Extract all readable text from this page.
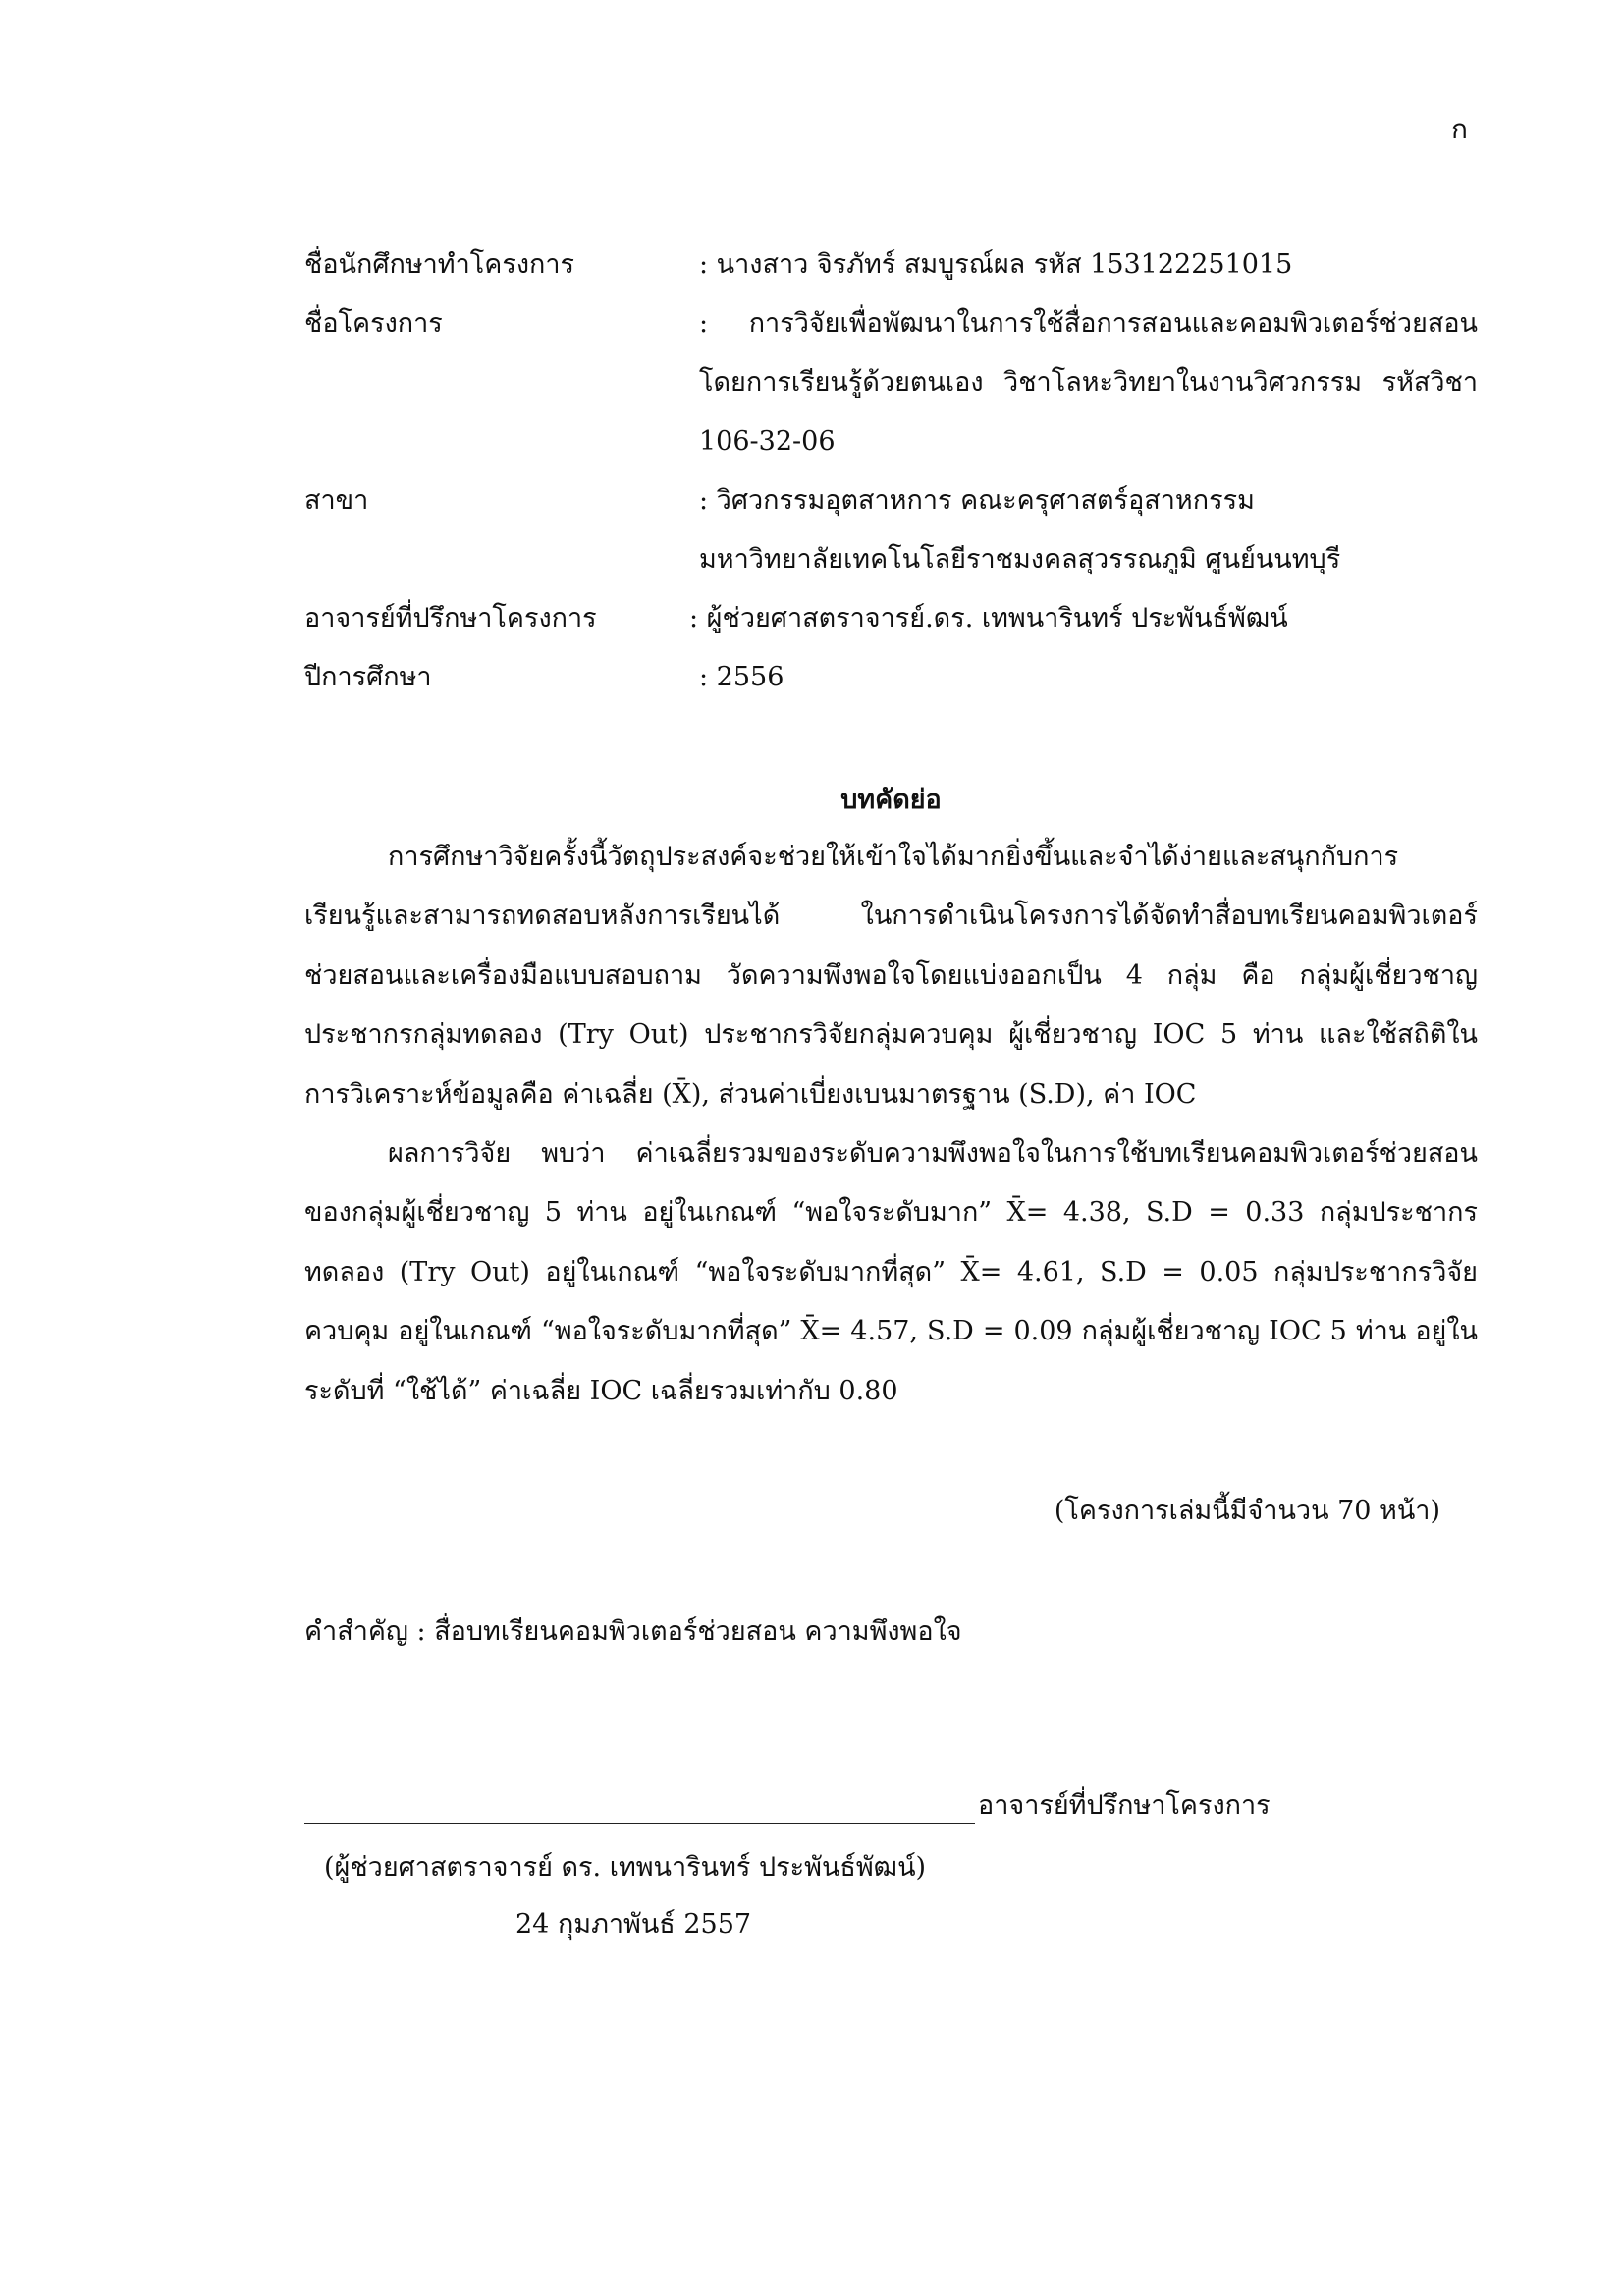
ก
ชื่อนักศึกษาทำโครงการ	: นางสาว จิรภัทร์ สมบูรณ์ผล รหัส 153122251015
ชื่อโครงการ	: การวิจัยเพื่อพัฒนาในการใช้สื่อการสอนและคอมพิวเตอร์ช่วยสอน
โดยการเรียนรู้ด้วยตนเอง วิชาโลหะวิทยาในงานวิศวกรรม รหัสวิชา
106-32-06
สาขา	: วิศวกรรมอุตสาหการ คณะครุศาสตร์อุสาหกรรม
มหาวิทยาลัยเทคโนโลยีราชมงคลสุวรรณภูมิ ศูนย์นนทบุรี
อาจารย์ที่ปรึกษาโครงการ	: ผู้ช่วยศาสตราจารย์.ดร. เทพนารินทร์ ประพันธ์พัฒน์
ปีการศึกษา	: 2556
บทคัดย่อ
การศึกษาวิจัยครั้งนี้วัตถุประสงค์จะช่วยให้เข้าใจได้มากยิ่งขึ้นและจำได้ง่ายและสนุกกับการ
เรียนรู้และสามารถทดสอบหลังการเรียนได้ ในการดำเนินโครงการได้จัดทำสื่อบทเรียนคอมพิวเตอร์
ช่วยสอนและเครื่องมือแบบสอบถาม วัดความพึงพอใจโดยแบ่งออกเป็น 4 กลุ่ม คือ กลุ่มผู้เชี่ยวชาญ
ประชากรกลุ่มทดลอง (Try Out) ประชากรวิจัยกลุ่มควบคุม ผู้เชี่ยวชาญ IOC 5 ท่าน และใช้สถิติใน
การวิเคราะห์ข้อมูลคือ ค่าเฉลี่ย (X̄), ส่วนค่าเบี่ยงเบนมาตรฐาน (S.D), ค่า IOC
ผลการวิจัย พบว่า ค่าเฉลี่ยรวมของระดับความพึงพอใจในการใช้บทเรียนคอมพิวเตอร์ช่วยสอน
ของกลุ่มผู้เชี่ยวชาญ 5 ท่าน อยู่ในเกณฑ์ “พอใจระดับมาก” X̄= 4.38, S.D = 0.33 กลุ่มประชากร
ทดลอง (Try Out) อยู่ในเกณฑ์ “พอใจระดับมากที่สุด” X̄= 4.61, S.D = 0.05 กลุ่มประชากรวิจัย
ควบคุม อยู่ในเกณฑ์ “พอใจระดับมากที่สุด” X̄= 4.57, S.D = 0.09 กลุ่มผู้เชี่ยวชาญ IOC 5 ท่าน อยู่ใน
ระดับที่ “ใช้ได้” ค่าเฉลี่ย IOC เฉลี่ยรวมเท่ากับ 0.80
(โครงการเล่มนี้มีจำนวน 70 หน้า)
คำสำคัญ : สื่อบทเรียนคอมพิวเตอร์ช่วยสอน ความพึงพอใจ
อาจารย์ที่ปรึกษาโครงการ
(ผู้ช่วยศาสตราจารย์ ดร. เทพนารินทร์ ประพันธ์พัฒน์)
24 กุมภาพันธ์ 2557
